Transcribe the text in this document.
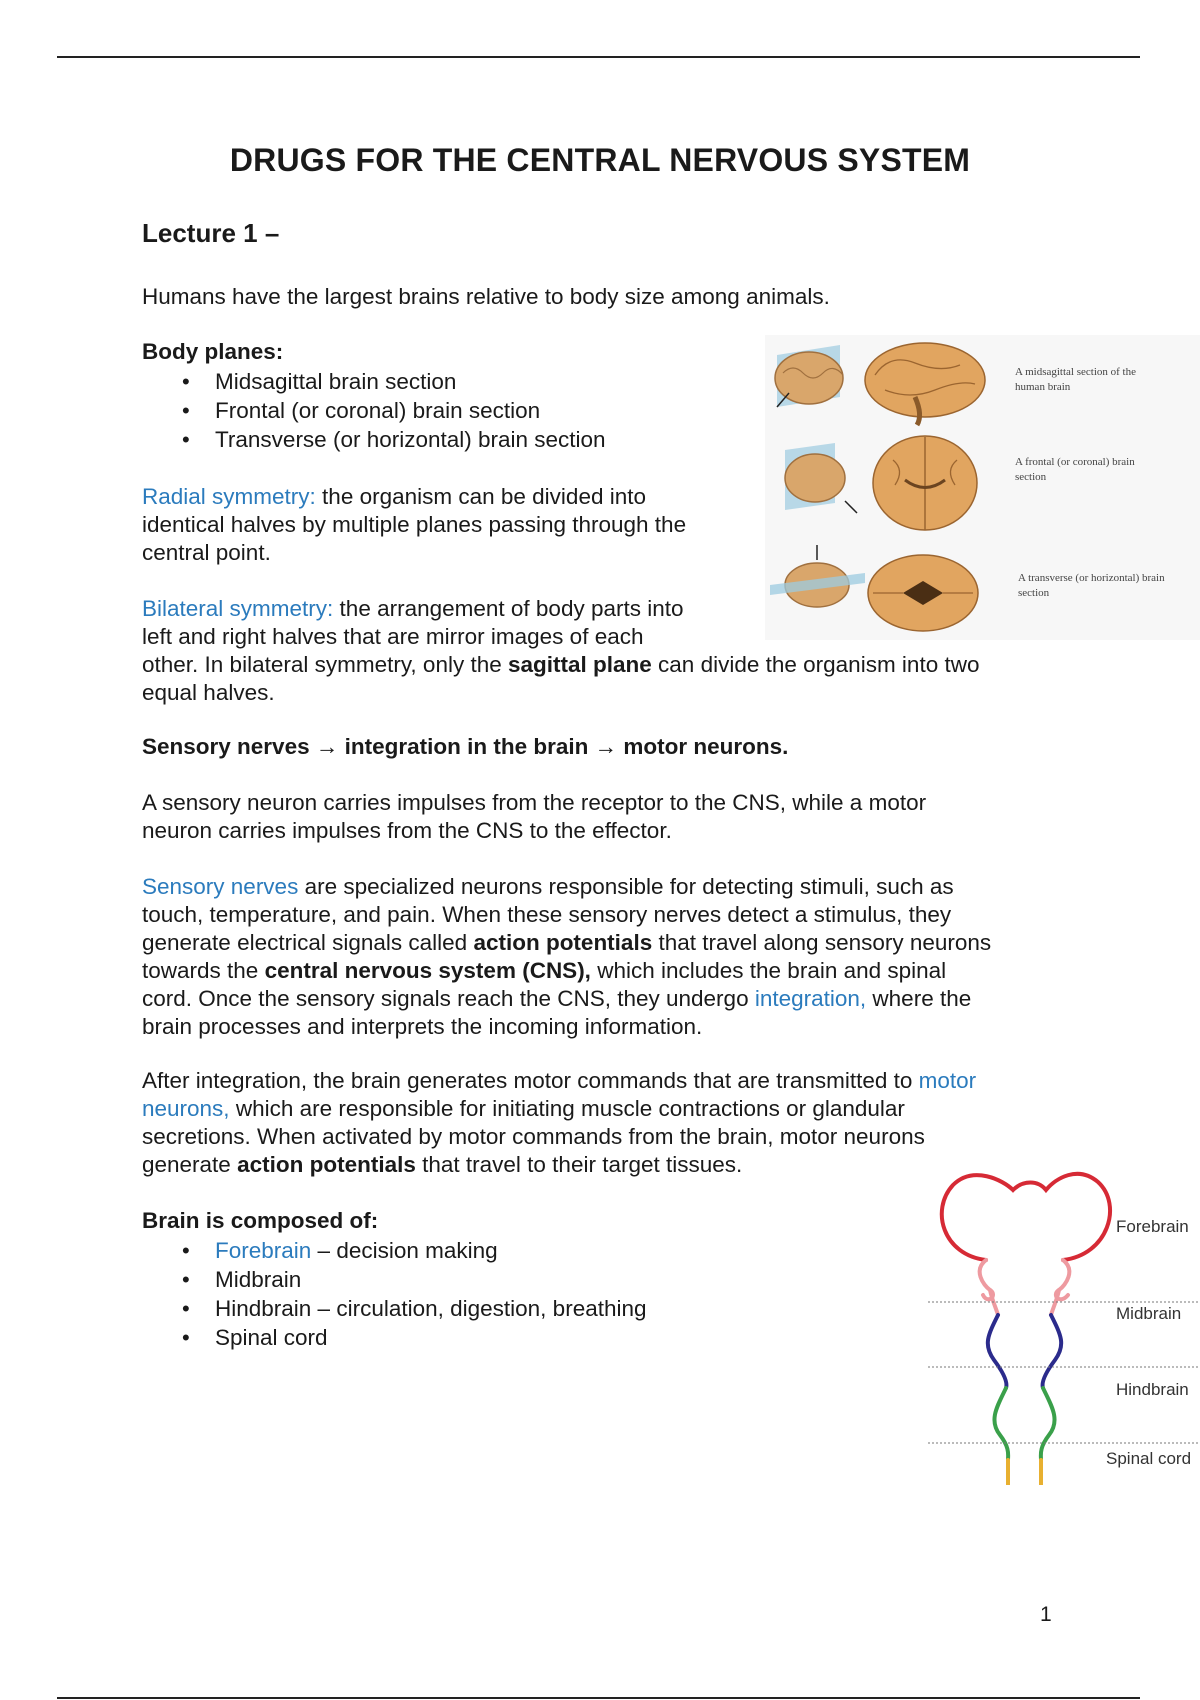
DRUGS FOR THE CENTRAL NERVOUS SYSTEM
Lecture 1 –

Humans have the largest brains relative to body size among animals.

Body planes:

• Midsagittal brain section
• Frontal (or coronal) brain section
• Transverse (or horizontal) brain section
Radial symmetry: the organism can be divided into
identical halves by multiple planes passing through the
central point.
Bilateral symmetry: the arrangement of body parts into
left and right halves that are mirror images of each
other. In bilateral symmetry, only the sagittal plane can divide the organism into two
equal halves.

Sensory nerves → integration in the brain → motor neurons.

A sensory neuron carries impulses from the receptor to the CNS, while a motor
neuron carries impulses from the CNS to the effector.
Sensory nerves are specialized neurons responsible for detecting stimuli, such as
touch, temperature, and pain. When these sensory nerves detect a stimulus, they
generate electrical signals called action potentials that travel along sensory neurons
towards the central nervous system (CNS), which includes the brain and spinal
cord. Once the sensory signals reach the CNS, they undergo integration, where the
brain processes and interprets the incoming information.
After integration, the brain generates motor commands that are transmitted to motor
neurons, which are responsible for initiating muscle contractions or glandular
secretions. When activated by motor commands from the brain, motor neurons
generate action potentials that travel to their target tissues.

Brain is composed of:

• Forebrain – decision making
• Midbrain
• Hindbrain – circulation, digestion, breathing
• Spinal cord
A midsagittal section of the human brain
A frontal (or coronal) brain section
A transverse (or horizontal) brain section
Forebrain
Midbrain
Hindbrain
Spinal cord
1
